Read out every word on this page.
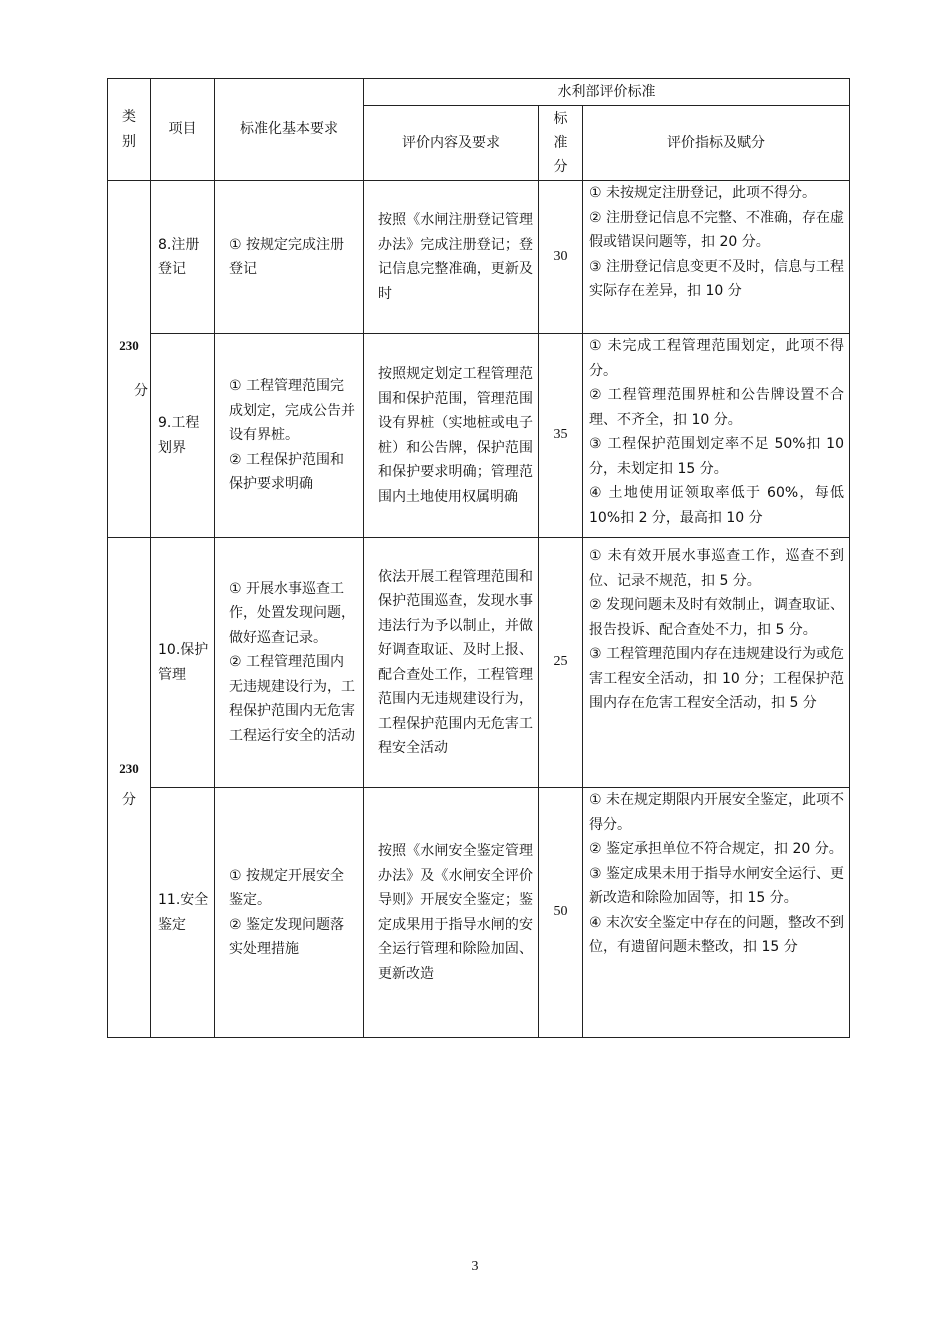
类别	项目	标准化基本要求	水利部评价标准		
			评价内容及要求	标准分	评价指标及赋分

230
分	8.注册登记	① 按规定完成注册登记	按照《水闸注册登记管理办法》完成注册登记；登记信息完整准确，更新及时	30	① 未按规定注册登记，此项不得分。
② 注册登记信息不完整、不准确，存在虚假或错误问题等，扣 20 分。
③ 注册登记信息变更不及时，信息与工程实际存在差异，扣 10 分

	9.工程划界	① 工程管理范围完成划定，完成公告并设有界桩。
② 工程保护范围和保护要求明确	按照规定划定工程管理范围和保护范围，管理范围设有界桩（实地桩或电子桩）和公告牌，保护范围和保护要求明确；管理范围内土地使用权属明确	35	① 未完成工程管理范围划定，此项不得分。
② 工程管理范围界桩和公告牌设置不合理、不齐全，扣 10 分。
③ 工程保护范围划定率不足 50%扣 10 分，未划定扣 15 分。
④ 土地使用证领取率低于 60%，每低 10%扣 2 分，最高扣 10 分

230
分	10.保护管理	① 开展水事巡查工作，处置发现问题，做好巡查记录。
② 工程管理范围内无违规建设行为，工程保护范围内无危害工程运行安全的活动	依法开展工程管理范围和保护范围巡查，发现水事违法行为予以制止，并做好调查取证、及时上报、配合查处工作，工程管理范围内无违规建设行为，工程保护范围内无危害工程安全活动	25	① 未有效开展水事巡查工作，巡查不到位、记录不规范，扣 5 分。
② 发现问题未及时有效制止，调查取证、报告投诉、配合查处不力，扣 5 分。
③ 工程管理范围内存在违规建设行为或危害工程安全活动，扣 10 分；工程保护范围内存在危害工程安全活动，扣 5 分

	11.安全鉴定	① 按规定开展安全鉴定。
② 鉴定发现问题落实处理措施	按照《水闸安全鉴定管理办法》及《水闸安全评价导则》开展安全鉴定；鉴定成果用于指导水闸的安全运行管理和除险加固、更新改造	50	① 未在规定期限内开展安全鉴定，此项不得分。
② 鉴定承担单位不符合规定，扣 20 分。
③ 鉴定成果未用于指导水闸安全运行、更新改造和除险加固等，扣 15 分。
④ 末次安全鉴定中存在的问题，整改不到位，有遗留问题未整改，扣 15 分
3
